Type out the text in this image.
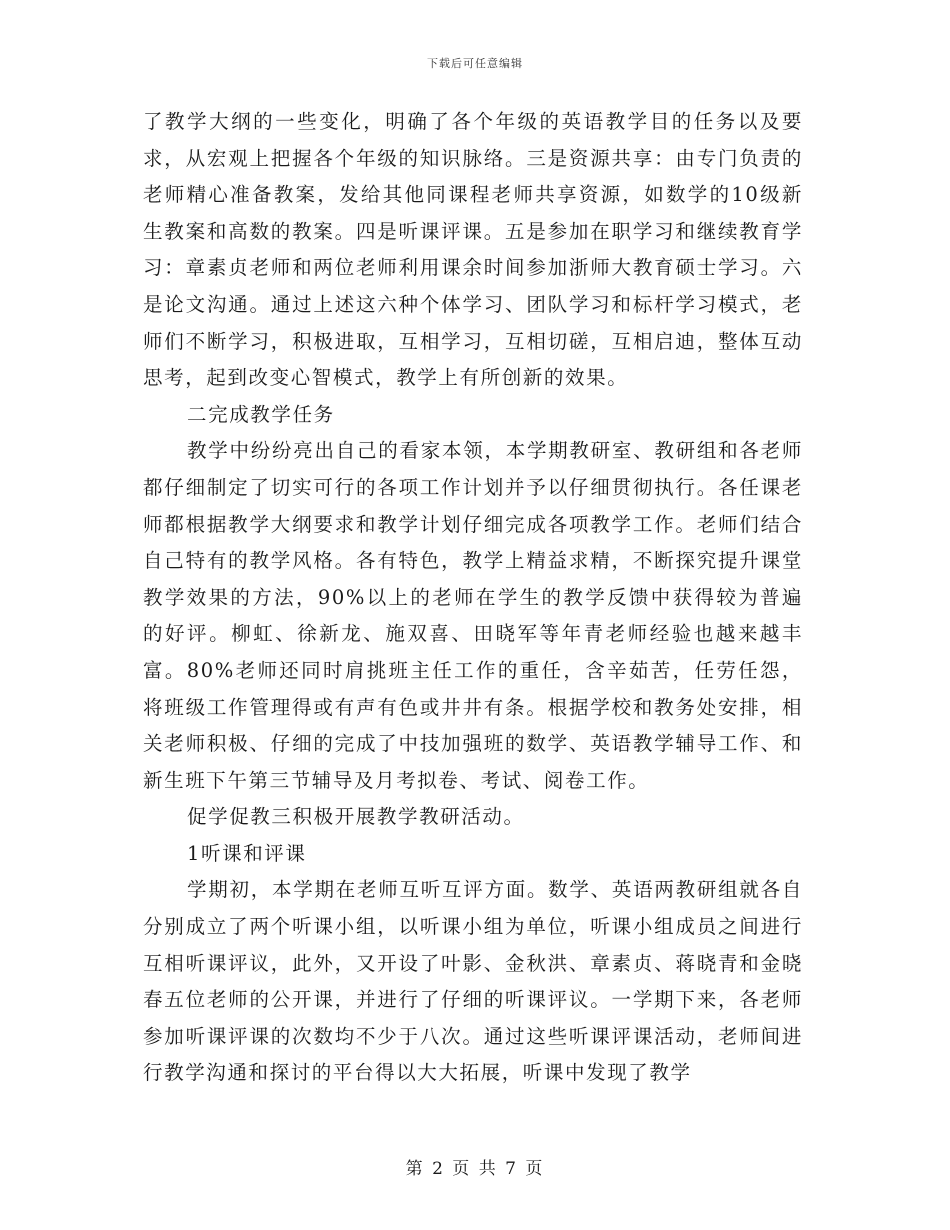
下载后可任意编辑

了教学大纲的一些变化，明确了各个年级的英语教学目的任务以及要求，从宏观上把握各个年级的知识脉络。三是资源共享：由专门负责的老师精心准备教案，发给其他同课程老师共享资源，如数学的10级新生教案和高数的教案。四是听课评课。五是参加在职学习和继续教育学习：章素贞老师和两位老师利用课余时间参加浙师大教育硕士学习。六是论文沟通。通过上述这六种个体学习、团队学习和标杆学习模式，老师们不断学习，积极进取，互相学习，互相切磋，互相启迪，整体互动思考，起到改变心智模式，教学上有所创新的效果。

二完成教学任务

教学中纷纷亮出自己的看家本领，本学期教研室、教研组和各老师都仔细制定了切实可行的各项工作计划并予以仔细贯彻执行。各任课老师都根据教学大纲要求和教学计划仔细完成各项教学工作。老师们结合自己特有的教学风格。各有特色，教学上精益求精，不断探究提升课堂教学效果的方法，90%以上的老师在学生的教学反馈中获得较为普遍的好评。柳虹、徐新龙、施双喜、田晓军等年青老师经验也越来越丰富。80%老师还同时肩挑班主任工作的重任，含辛茹苦，任劳任怨，将班级工作管理得或有声有色或井井有条。根据学校和教务处安排，相关老师积极、仔细的完成了中技加强班的数学、英语教学辅导工作、和新生班下午第三节辅导及月考拟卷、考试、阅卷工作。

促学促教三积极开展教学教研活动。

1听课和评课

学期初，本学期在老师互听互评方面。数学、英语两教研组就各自分别成立了两个听课小组，以听课小组为单位，听课小组成员之间进行互相听课评议，此外，又开设了叶影、金秋洪、章素贞、蒋晓青和金晓春五位老师的公开课，并进行了仔细的听课评议。一学期下来，各老师参加听课评课的次数均不少于八次。通过这些听课评课活动，老师间进行教学沟通和探讨的平台得以大大拓展，听课中发现了教学

第 2 页 共 7 页
